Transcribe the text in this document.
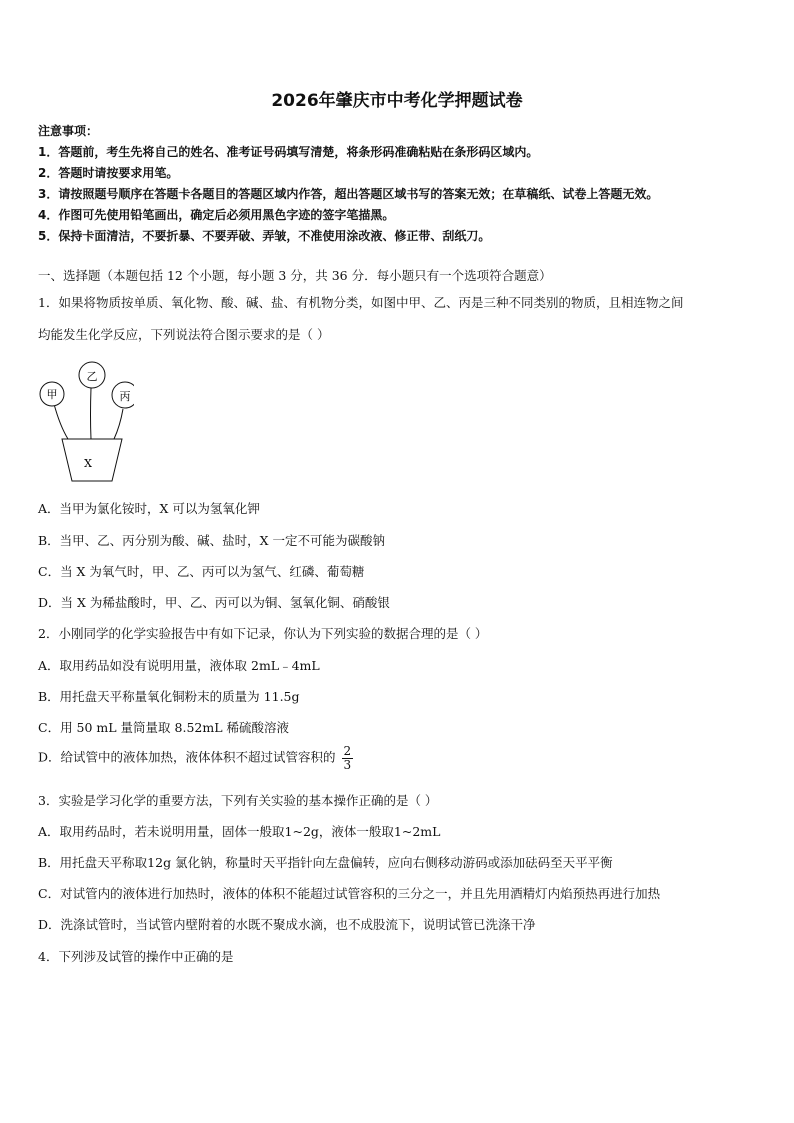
2026年肇庆市中考化学押题试卷
注意事项：
1．答题前，考生先将自己的姓名、准考证号码填写清楚，将条形码准确粘贴在条形码区域内。
2．答题时请按要求用笔。
3．请按照题号顺序在答题卡各题目的答题区域内作答，超出答题区域书写的答案无效；在草稿纸、试卷上答题无效。
4．作图可先使用铅笔画出，确定后必须用黑色字迹的签字笔描黑。
5．保持卡面清洁，不要折暴、不要弄破、弄皱，不准使用涂改液、修正带、刮纸刀。
一、选择题（本题包括 12 个小题，每小题 3 分，共 36 分．每小题只有一个选项符合题意）
1．如果将物质按单质、氧化物、酸、碱、盐、有机物分类，如图中甲、乙、丙是三种不同类别的物质，且相连物之间
均能发生化学反应，下列说法符合图示要求的是（ ）
甲
乙
丙
X
A．当甲为氯化铵时，X 可以为氢氧化钾
B．当甲、乙、丙分别为酸、碱、盐时，X 一定不可能为碳酸钠
C．当 X 为氧气时，甲、乙、丙可以为氢气、红磷、葡萄糖
D．当 X 为稀盐酸时，甲、乙、丙可以为铜、氢氧化铜、硝酸银
2．小刚同学的化学实验报告中有如下记录，你认为下列实验的数据合理的是（ ）
A．取用药品如没有说明用量，液体取 2mL﹣4mL
B．用托盘天平称量氧化铜粉末的质量为 11.5g
C．用 50 mL 量筒量取 8.52mL 稀硫酸溶液
D．给试管中的液体加热，液体体积不超过试管容积的 $\frac{2}{3}$
3．实验是学习化学的重要方法，下列有关实验的基本操作正确的是（ ）
A．取用药品时，若未说明用量，固体一般取1~2g，液体一般取1~2mL
B．用托盘天平称取12g 氯化钠，称量时天平指针向左盘偏转，应向右侧移动游码或添加砝码至天平平衡
C．对试管内的液体进行加热时，液体的体积不能超过试管容积的三分之一，并且先用酒精灯内焰预热再进行加热
D．洗涤试管时，当试管内壁附着的水既不聚成水滴，也不成股流下，说明试管已洗涤干净
4．下列涉及试管的操作中正确的是
